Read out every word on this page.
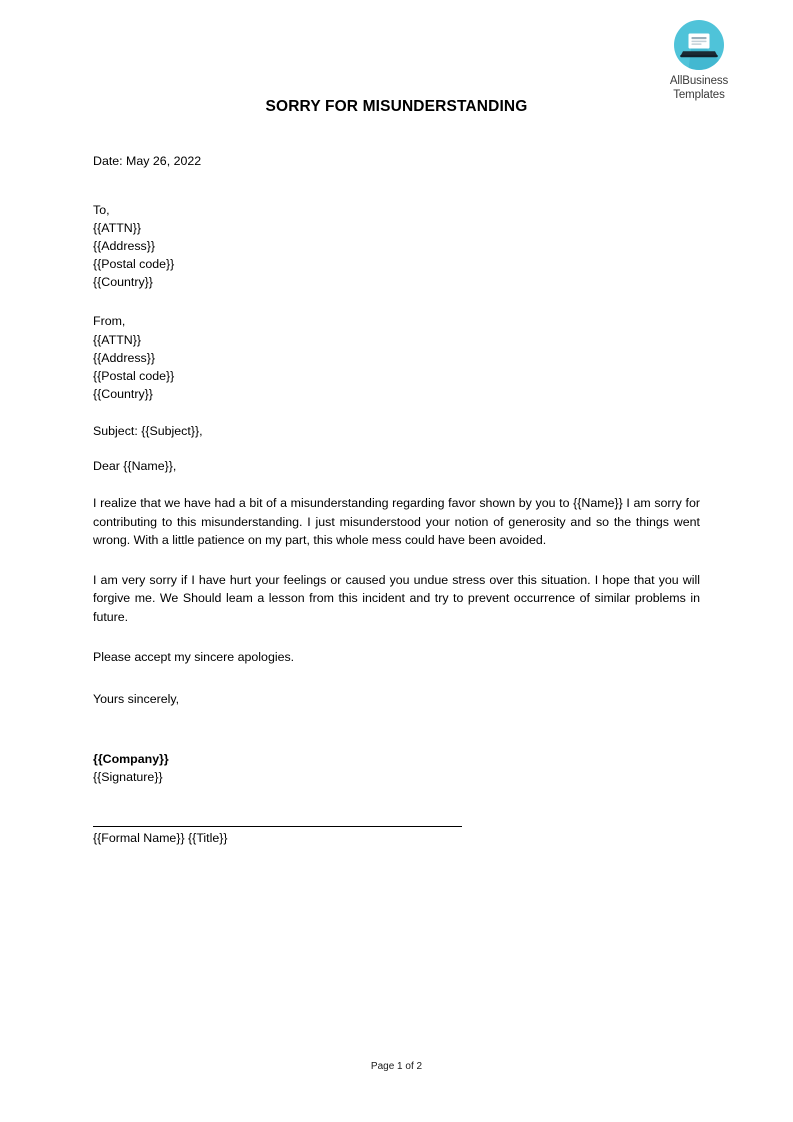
AllBusiness
Templates
SORRY FOR MISUNDERSTANDING
Date: May 26, 2022
To,
{{ATTN}}
{{Address}}
{{Postal code}}
{{Country}}
From,
{{ATTN}}
{{Address}}
{{Postal code}}
{{Country}}
Subject: {{Subject}},
Dear {{Name}},
I realize that we have had a bit of a misunderstanding regarding favor shown by you to {{Name}} I am sorry for contributing to this misunderstanding. I just misunderstood your notion of generosity and so the things went wrong. With a little patience on my part, this whole mess could have been avoided.
I am very sorry if I have hurt your feelings or caused you undue stress over this situation. I hope that you will forgive me. We Should leam a lesson from this incident and try to prevent occurrence of similar problems in future.
Please accept my sincere apologies.
Yours sincerely,
{{Company}}
{{Signature}}
{{Formal Name}} {{Title}}
Page 1 of 2
